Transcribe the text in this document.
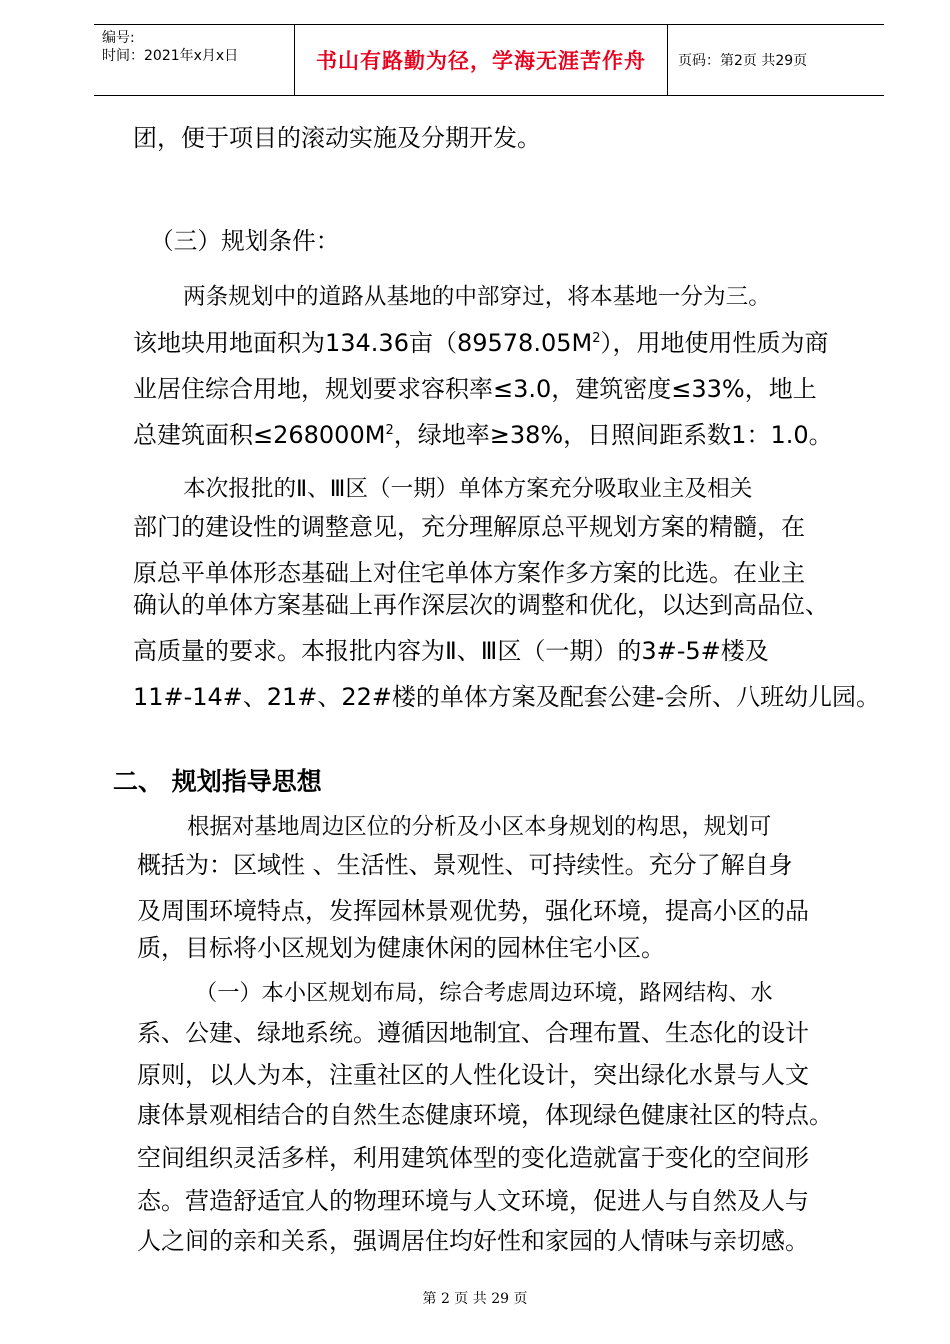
编号:
时间：2021年x月x日	书山有路勤为径，学海无涯苦作舟	页码：第2页 共29页

团，便于项目的滚动实施及分期开发。

（三）规划条件：

两条规划中的道路从基地的中部穿过，将本基地一分为三。

该地块用地面积为134.36亩$(89578.05M^2)$，用地使用性质为商

业居住综合用地，规划要求容积率≤3.0，建筑密度≤33%，地上

总建筑面积$\le 268000M^2$，绿地率≥38%，日照间距系数1：1.0。

本次报批的Ⅱ、Ⅲ区（一期）单体方案充分吸取业主及相关

部门的建设性的调整意见，充分理解原总平规划方案的精髓，在

原总平单体形态基础上对住宅单体方案作多方案的比选。在业主

确认的单体方案基础上再作深层次的调整和优化，以达到高品位、

高质量的要求。本报批内容为Ⅱ、Ⅲ区（一期）的3#-5#楼及

11#-14#、21#、22#楼的单体方案及配套公建-会所、八班幼儿园。

二、 规划指导思想

根据对基地周边区位的分析及小区本身规划的构思，规划可

概括为：区域性 、生活性、景观性、可持续性。充分了解自身

及周围环境特点，发挥园林景观优势，强化环境，提高小区的品

质，目标将小区规划为健康休闲的园林住宅小区。

（一）本小区规划布局，综合考虑周边环境，路网结构、水

系、公建、绿地系统。遵循因地制宜、合理布置、生态化的设计

原则，以人为本，注重社区的人性化设计，突出绿化水景与人文

康体景观相结合的自然生态健康环境，体现绿色健康社区的特点。

空间组织灵活多样，利用建筑体型的变化造就富于变化的空间形

态。营造舒适宜人的物理环境与人文环境，促进人与自然及人与

人之间的亲和关系，强调居住均好性和家园的人情味与亲切感。

第 2 页 共 29 页
